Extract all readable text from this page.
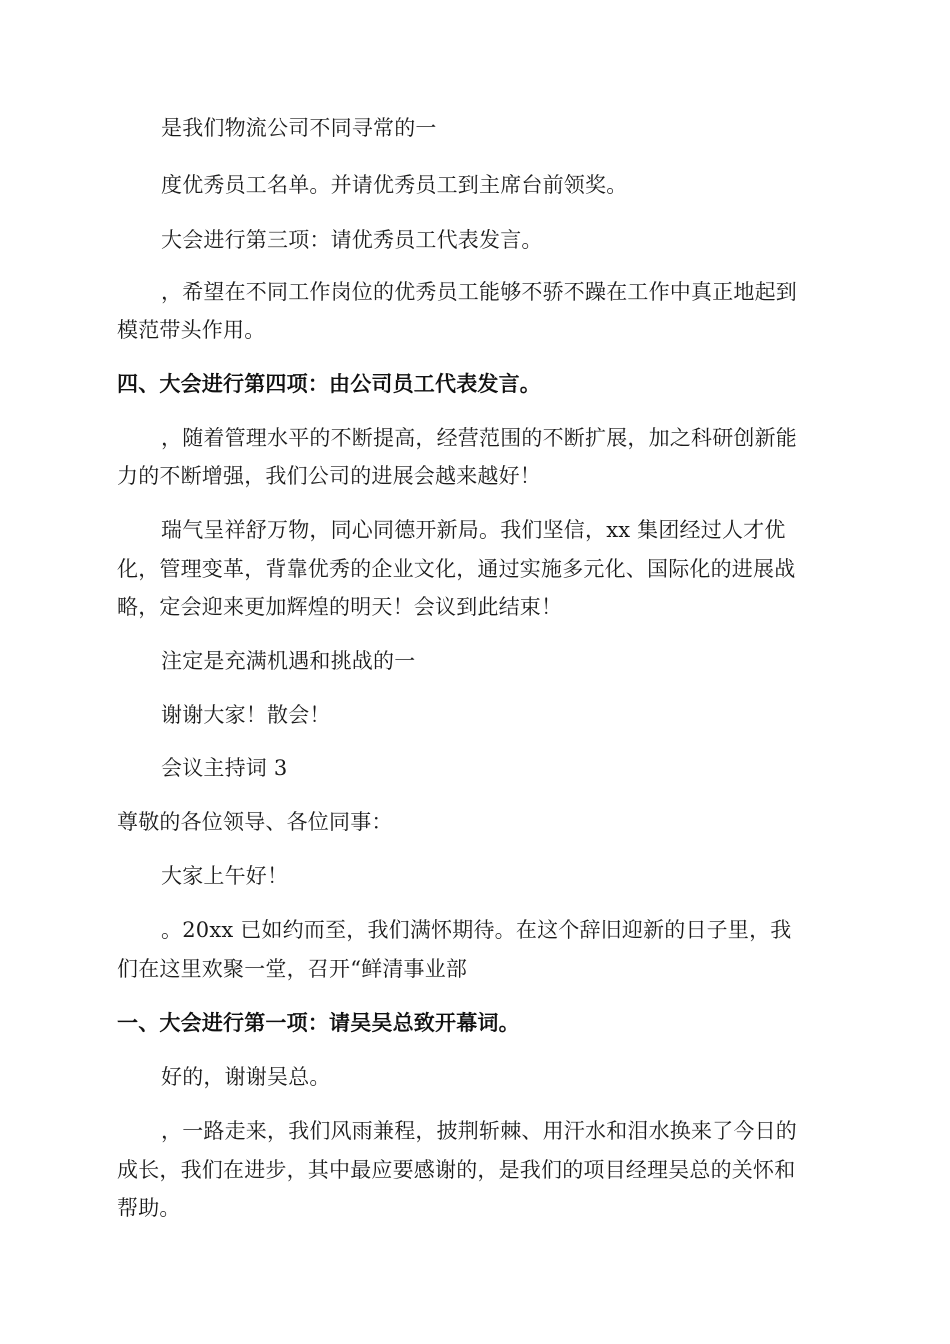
是我们物流公司不同寻常的一
度优秀员工名单。并请优秀员工到主席台前领奖。
大会进行第三项：请优秀员工代表发言。
，希望在不同工作岗位的优秀员工能够不骄不躁在工作中真正地起到
模范带头作用。
四、大会进行第四项：由公司员工代表发言。
，随着管理水平的不断提高，经营范围的不断扩展，加之科研创新能
力的不断增强，我们公司的进展会越来越好！
瑞气呈祥舒万物，同心同德开新局。我们坚信，xx 集团经过人才优
化，管理变革，背靠优秀的企业文化，通过实施多元化、国际化的进展战
略，定会迎来更加辉煌的明天！会议到此结束！
注定是充满机遇和挑战的一
谢谢大家！散会！
会议主持词 3
尊敬的各位领导、各位同事：
大家上午好！
。20xx 已如约而至，我们满怀期待。在这个辞旧迎新的日子里，我
们在这里欢聚一堂，召开“鲜清事业部
一、大会进行第一项：请吴吴总致开幕词。
好的，谢谢吴总。
，一路走来，我们风雨兼程，披荆斩棘、用汗水和泪水换来了今日的
成长，我们在进步，其中最应要感谢的，是我们的项目经理吴总的关怀和
帮助。
